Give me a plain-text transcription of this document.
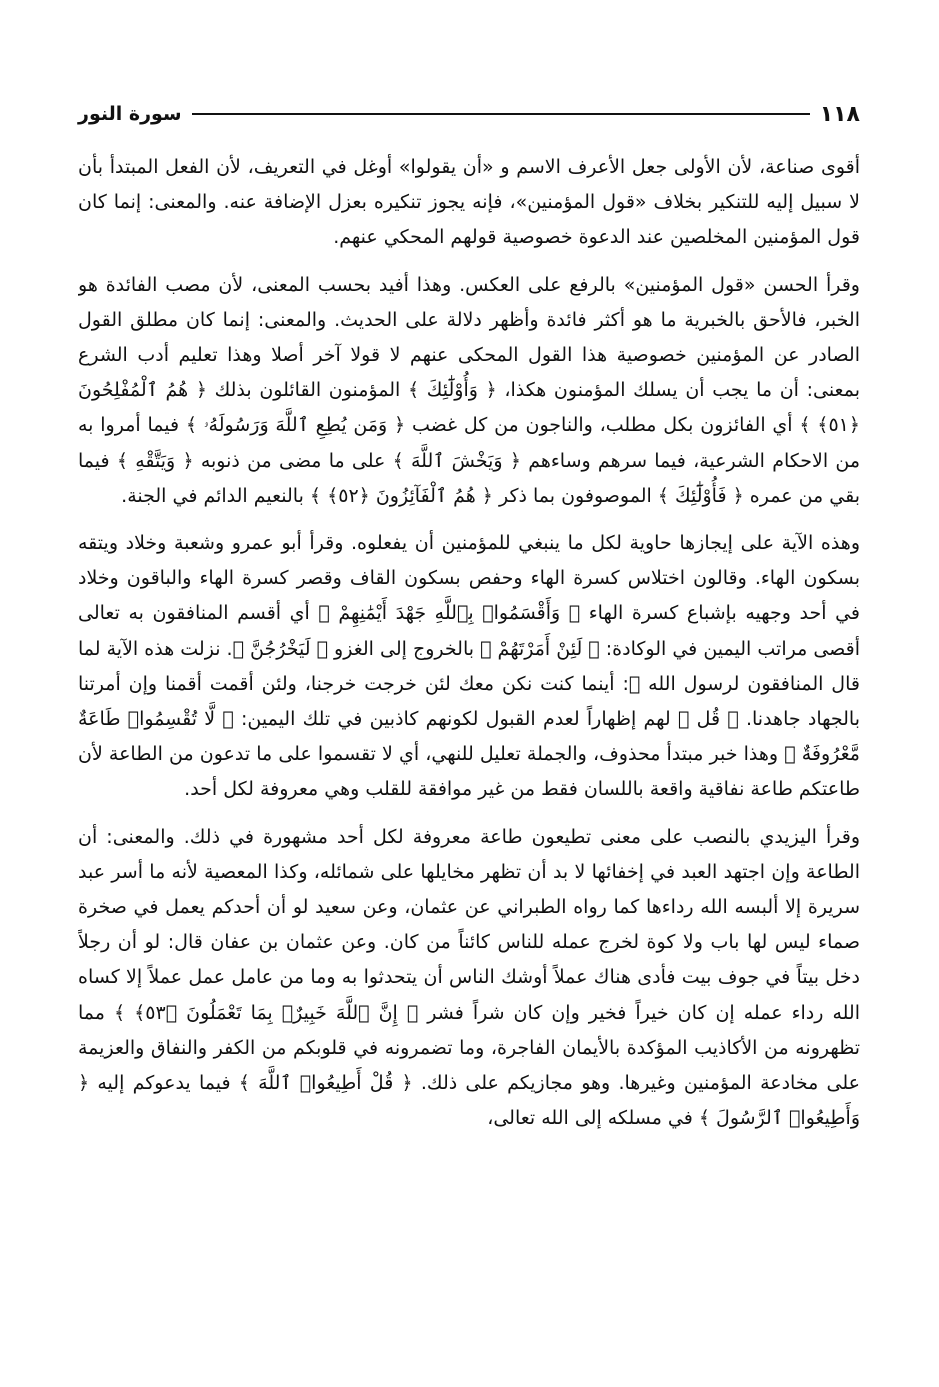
١١٨
سورة النور

أقوى صناعة، لأن الأولى جعل الأعرف الاسم و «أن يقولوا» أوغل في التعريف، لأن الفعل المبتدأ بأن لا سبيل إليه للتنكير بخلاف «قول المؤمنين»، فإنه يجوز تنكيره بعزل الإضافة عنه. والمعنى: إنما كان قول المؤمنين المخلصين عند الدعوة خصوصية قولهم المحكي عنهم.

وقرأ الحسن «قول المؤمنين» بالرفع على العكس. وهذا أفيد بحسب المعنى، لأن مصب الفائدة هو الخبر، فالأحق بالخبرية ما هو أكثر فائدة وأظهر دلالة على الحديث. والمعنى: إنما كان مطلق القول الصادر عن المؤمنين خصوصية هذا القول المحكى عنهم لا قولا آخر أصلا وهذا تعليم أدب الشرع بمعنى: أن ما يجب أن يسلك المؤمنون هكذا، ﴿ وَأُوْلَٰٓئِكَ ﴾ المؤمنون القائلون بذلك ﴿ هُمُ ٱلْمُفْلِحُونَ ﴿٥١﴾ ﴾ أي الفائزون بكل مطلب، والناجون من كل غضب ﴿ وَمَن يُطِعِ ٱللَّهَ وَرَسُولَهُۥ ﴾ فيما أمروا به من الاحكام الشرعية، فيما سرهم وساءهم ﴿ وَيَخْشَ ٱللَّهَ ﴾ على ما مضى من ذنوبه ﴿ وَيَتَّقْهِ ﴾ فيما بقي من عمره ﴿ فَأُوْلَٰٓئِكَ ﴾ الموصوفون بما ذكر ﴿ هُمُ ٱلْفَآئِزُونَ ﴿٥٢﴾ ﴾ بالنعيم الدائم في الجنة.

وهذه الآية على إيجازها حاوية لكل ما ينبغي للمؤمنين أن يفعلوه. وقرأ أبو عمرو وشعبة وخلاد ويتقه بسكون الهاء. وقالون اختلاس كسرة الهاء وحفص بسكون القاف وقصر كسرة الهاء والباقون وخلاد في أحد وجهيه بإشباع كسرة الهاء ﴿ وَأَقْسَمُوا۟ بِٱللَّهِ جَهْدَ أَيْمَٰنِهِمْ ﴾ أي أقسم المنافقون به تعالى أقصى مراتب اليمين في الوكادة: ﴿ لَئِنْ أَمَرْتَهُمْ ﴾ بالخروج إلى الغزو ﴿ لَيَخْرُجُنَّ ﴾. نزلت هذه الآية لما قال المنافقون لرسول الله ﷺ: أينما كنت نكن معك لئن خرجت خرجنا، ولئن أقمت أقمنا وإن أمرتنا بالجهاد جاهدنا. ﴿ قُل ﴾ لهم إظهاراً لعدم القبول لكونهم كاذبين في تلك اليمين: ﴿ لَّا تُقْسِمُوا۟ طَاعَةٌ مَّعْرُوفَةٌ ﴾ وهذا خبر مبتدأ محذوف، والجملة تعليل للنهي، أي لا تقسموا على ما تدعون من الطاعة لأن طاعتكم طاعة نفاقية واقعة باللسان فقط من غير موافقة للقلب وهي معروفة لكل أحد.

وقرأ اليزيدي بالنصب على معنى تطيعون طاعة معروفة لكل أحد مشهورة في ذلك. والمعنى: أن الطاعة وإن اجتهد العبد في إخفائها لا بد أن تظهر مخايلها على شمائله، وكذا المعصية لأنه ما أسر عبد سريرة إلا ألبسه الله رداءها كما رواه الطبراني عن عثمان، وعن سعيد لو أن أحدكم يعمل في صخرة صماء ليس لها باب ولا كوة لخرج عمله للناس كائناً من كان. وعن عثمان بن عفان قال: لو أن رجلاً دخل بيتاً في جوف بيت فأدى هناك عملاً أوشك الناس أن يتحدثوا به وما من عامل عمل عملاً إلا كساه الله رداء عمله إن كان خيراً فخير وإن كان شراً فشر ﴿ إِنَّ ٱللَّهَ خَبِيرٌۢ بِمَا تَعْمَلُونَ ﴿٥٣﴾ ﴾ مما تظهرونه من الأكاذيب المؤكدة بالأيمان الفاجرة، وما تضمرونه في قلوبكم من الكفر والنفاق والعزيمة على مخادعة المؤمنين وغيرها. وهو مجازيكم على ذلك. ﴿ قُلْ أَطِيعُوا۟ ٱللَّهَ ﴾ فيما يدعوكم إليه ﴿ وَأَطِيعُوا۟ ٱلرَّسُولَ ﴾ في مسلكه إلى الله تعالى،
